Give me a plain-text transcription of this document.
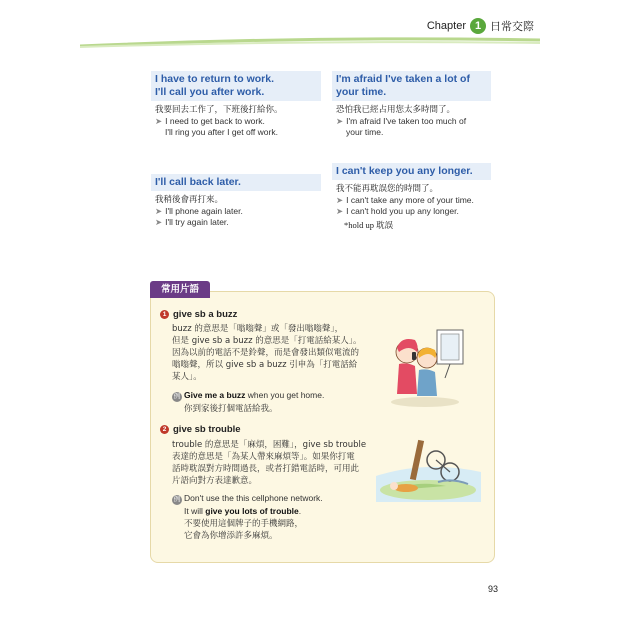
Chapter 1 日常交際
I have to return to work.
I'll call you after work.
我要回去工作了，下班後打給你。
➤ I need to get back to work.
I'll ring you after I get off work.
I'm afraid I've taken a lot of
your time.
恐怕我已經占用您太多時間了。
➤ I'm afraid I've taken too much of
your time.
I'll call back later.
我稍後會再打來。
➤ I'll phone again later.
➤ I'll try again later.
I can't keep you any longer.
我不能再耽誤您的時間了。
➤ I can't take any more of your time.
➤ I can't hold you up any longer.
*hold up 耽誤
常用片語
1 give sb a buzz
buzz 的意思是「嗡嗡聲」或「發出嗡嗡聲」，
但是 give sb a buzz 的意思是「打電話給某人」。
因為以前的電話不是鈴聲，而是會發出類似電流的
嗡嗡聲，所以 give sb a buzz 引申為「打電話給
某人」。
例 Give me a buzz when you get home.
你到家後打個電話給我。
2 give sb trouble
trouble 的意思是「麻煩，困難」，give sb trouble
表達的意思是「為某人帶來麻煩等」。如果你打電
話時耽誤對方時間過長，或者打錯電話時，可用此
片語向對方表達歉意。
例 Don't use the this cellphone network.
It will give you lots of trouble.
不要使用這個牌子的手機網路，
它會為你增添許多麻煩。
93
